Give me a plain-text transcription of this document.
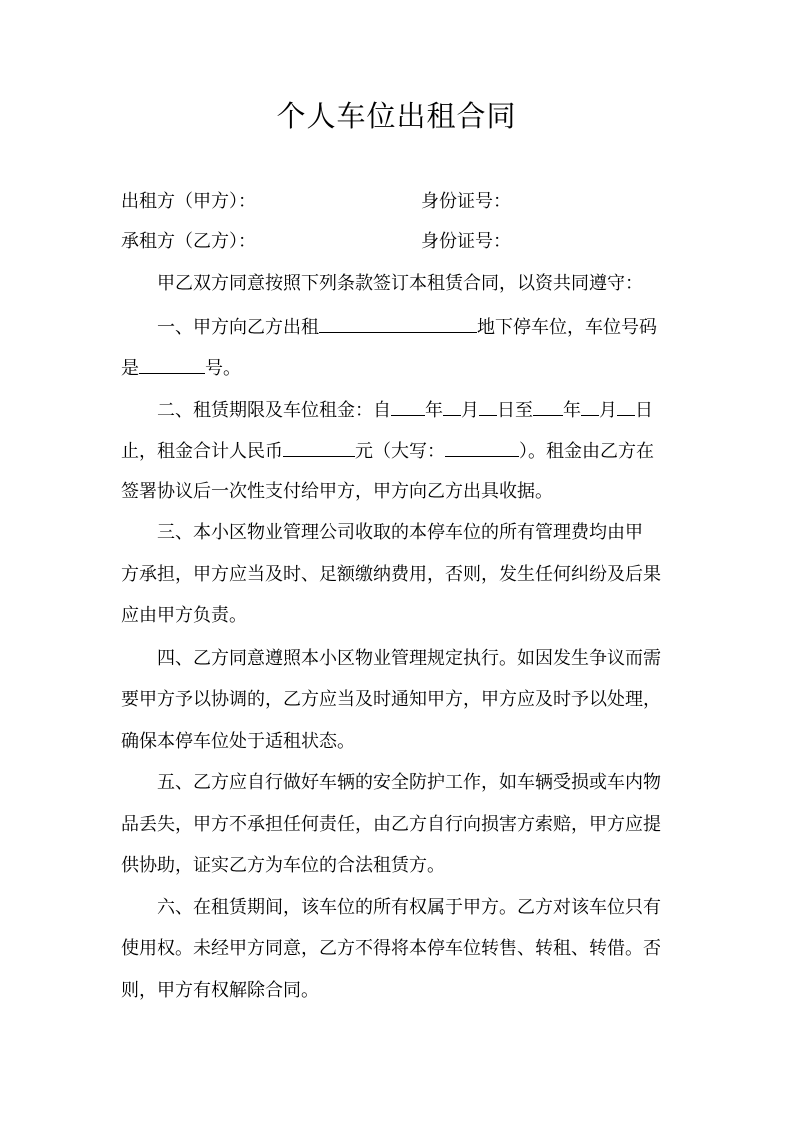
个人车位出租合同
出租方（甲方）：	身份证号：
承租方（乙方）：	身份证号：
甲乙双方同意按照下列条款签订本租赁合同，以资共同遵守：
一、甲方向乙方出租	地下停车位，车位号码
是	号。
二、租赁期限及车位租金：自 年 月 日至 年 月 日
止，租金合计人民币	元（大写：	）。租金由乙方在
签署协议后一次性支付给甲方，甲方向乙方出具收据。
三、本小区物业管理公司收取的本停车位的所有管理费均由甲
方承担，甲方应当及时、足额缴纳费用，否则，发生任何纠纷及后果
应由甲方负责。
四、乙方同意遵照本小区物业管理规定执行。如因发生争议而需
要甲方予以协调的，乙方应当及时通知甲方，甲方应及时予以处理，
确保本停车位处于适租状态。
五、乙方应自行做好车辆的安全防护工作，如车辆受损或车内物
品丢失，甲方不承担任何责任，由乙方自行向损害方索赔，甲方应提
供协助，证实乙方为车位的合法租赁方。
六、在租赁期间，该车位的所有权属于甲方。乙方对该车位只有
使用权。未经甲方同意，乙方不得将本停车位转售、转租、转借。否
则，甲方有权解除合同。
